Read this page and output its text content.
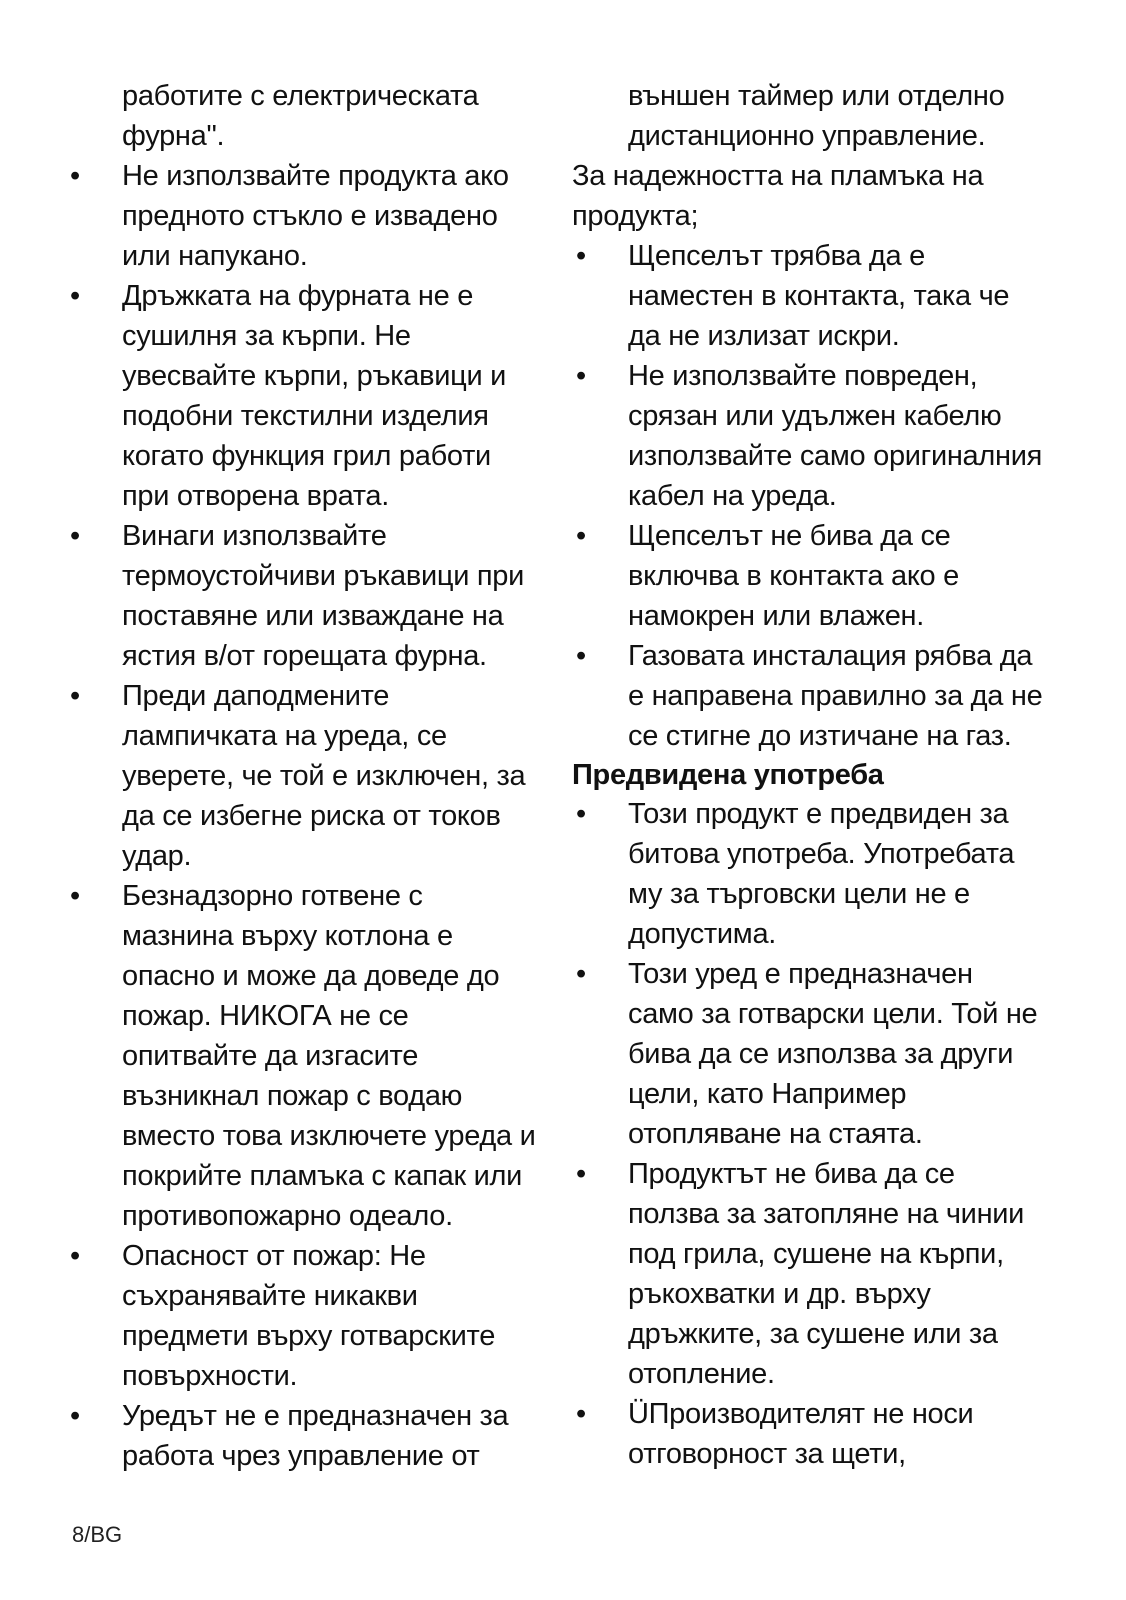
работите с електрическата
фурна".
• Не използвайте продукта ако
предното стъкло е извадено
или напукано.
• Дръжката на фурната не е
сушилня за кърпи. Не
увесвайте кърпи, ръкавици и
подобни текстилни изделия
когато функция грил работи
при отворена врата.
• Винаги използвайте
термоустойчиви ръкавици при
поставяне или изваждане на
ястия в/от горещата фурна.
• Преди даподмените
лампичката на уреда, се
уверете, че той е изключен, за
да се избегне риска от токов
удар.
• Безнадзорно готвене с
мазнина върху котлона е
опасно и може да доведе до
пожар. НИКОГА не се
опитвайте да изгасите
възникнал пожар с водаю
вместо това изключете уреда и
покрийте пламъка с капак или
противопожарно одеало.
• Опасност от пожар: Не
съхранявайте никакви
предмети върху готварските
повърхности.
• Уредът не е предназначен за
работа чрез управление от
външен таймер или отделно
дистанционно управление.
За надежността на пламъка на
продукта;
• Щепселът трябва да е
наместен в контакта, така че
да не излизат искри.
• Не използвайте повреден,
срязан или удължен кабелю
използвайте само оригиналния
кабел на уреда.
• Щепселът не бива да се
включва в контакта ако е
намокрен или влажен.
• Газовата инсталация рябва да
е направена правилно за да не
се стигне до изтичане на газ.
Предвидена употреба
• Този продукт е предвиден за
битова употреба. Употребата
му за търговски цели не е
допустима.
• Този уред е предназначен
само за готварски цели. Той не
бива да се използва за други
цели, като Например
отопляване на стаята.
• Продуктът не бива да се
ползва за затопляне на чинии
под грила, сушене на кърпи,
ръкохватки и др. върху
дръжките, за сушене или за
отопление.
• ÜПроизводителят не носи
отговорност за щети,
8/BG
